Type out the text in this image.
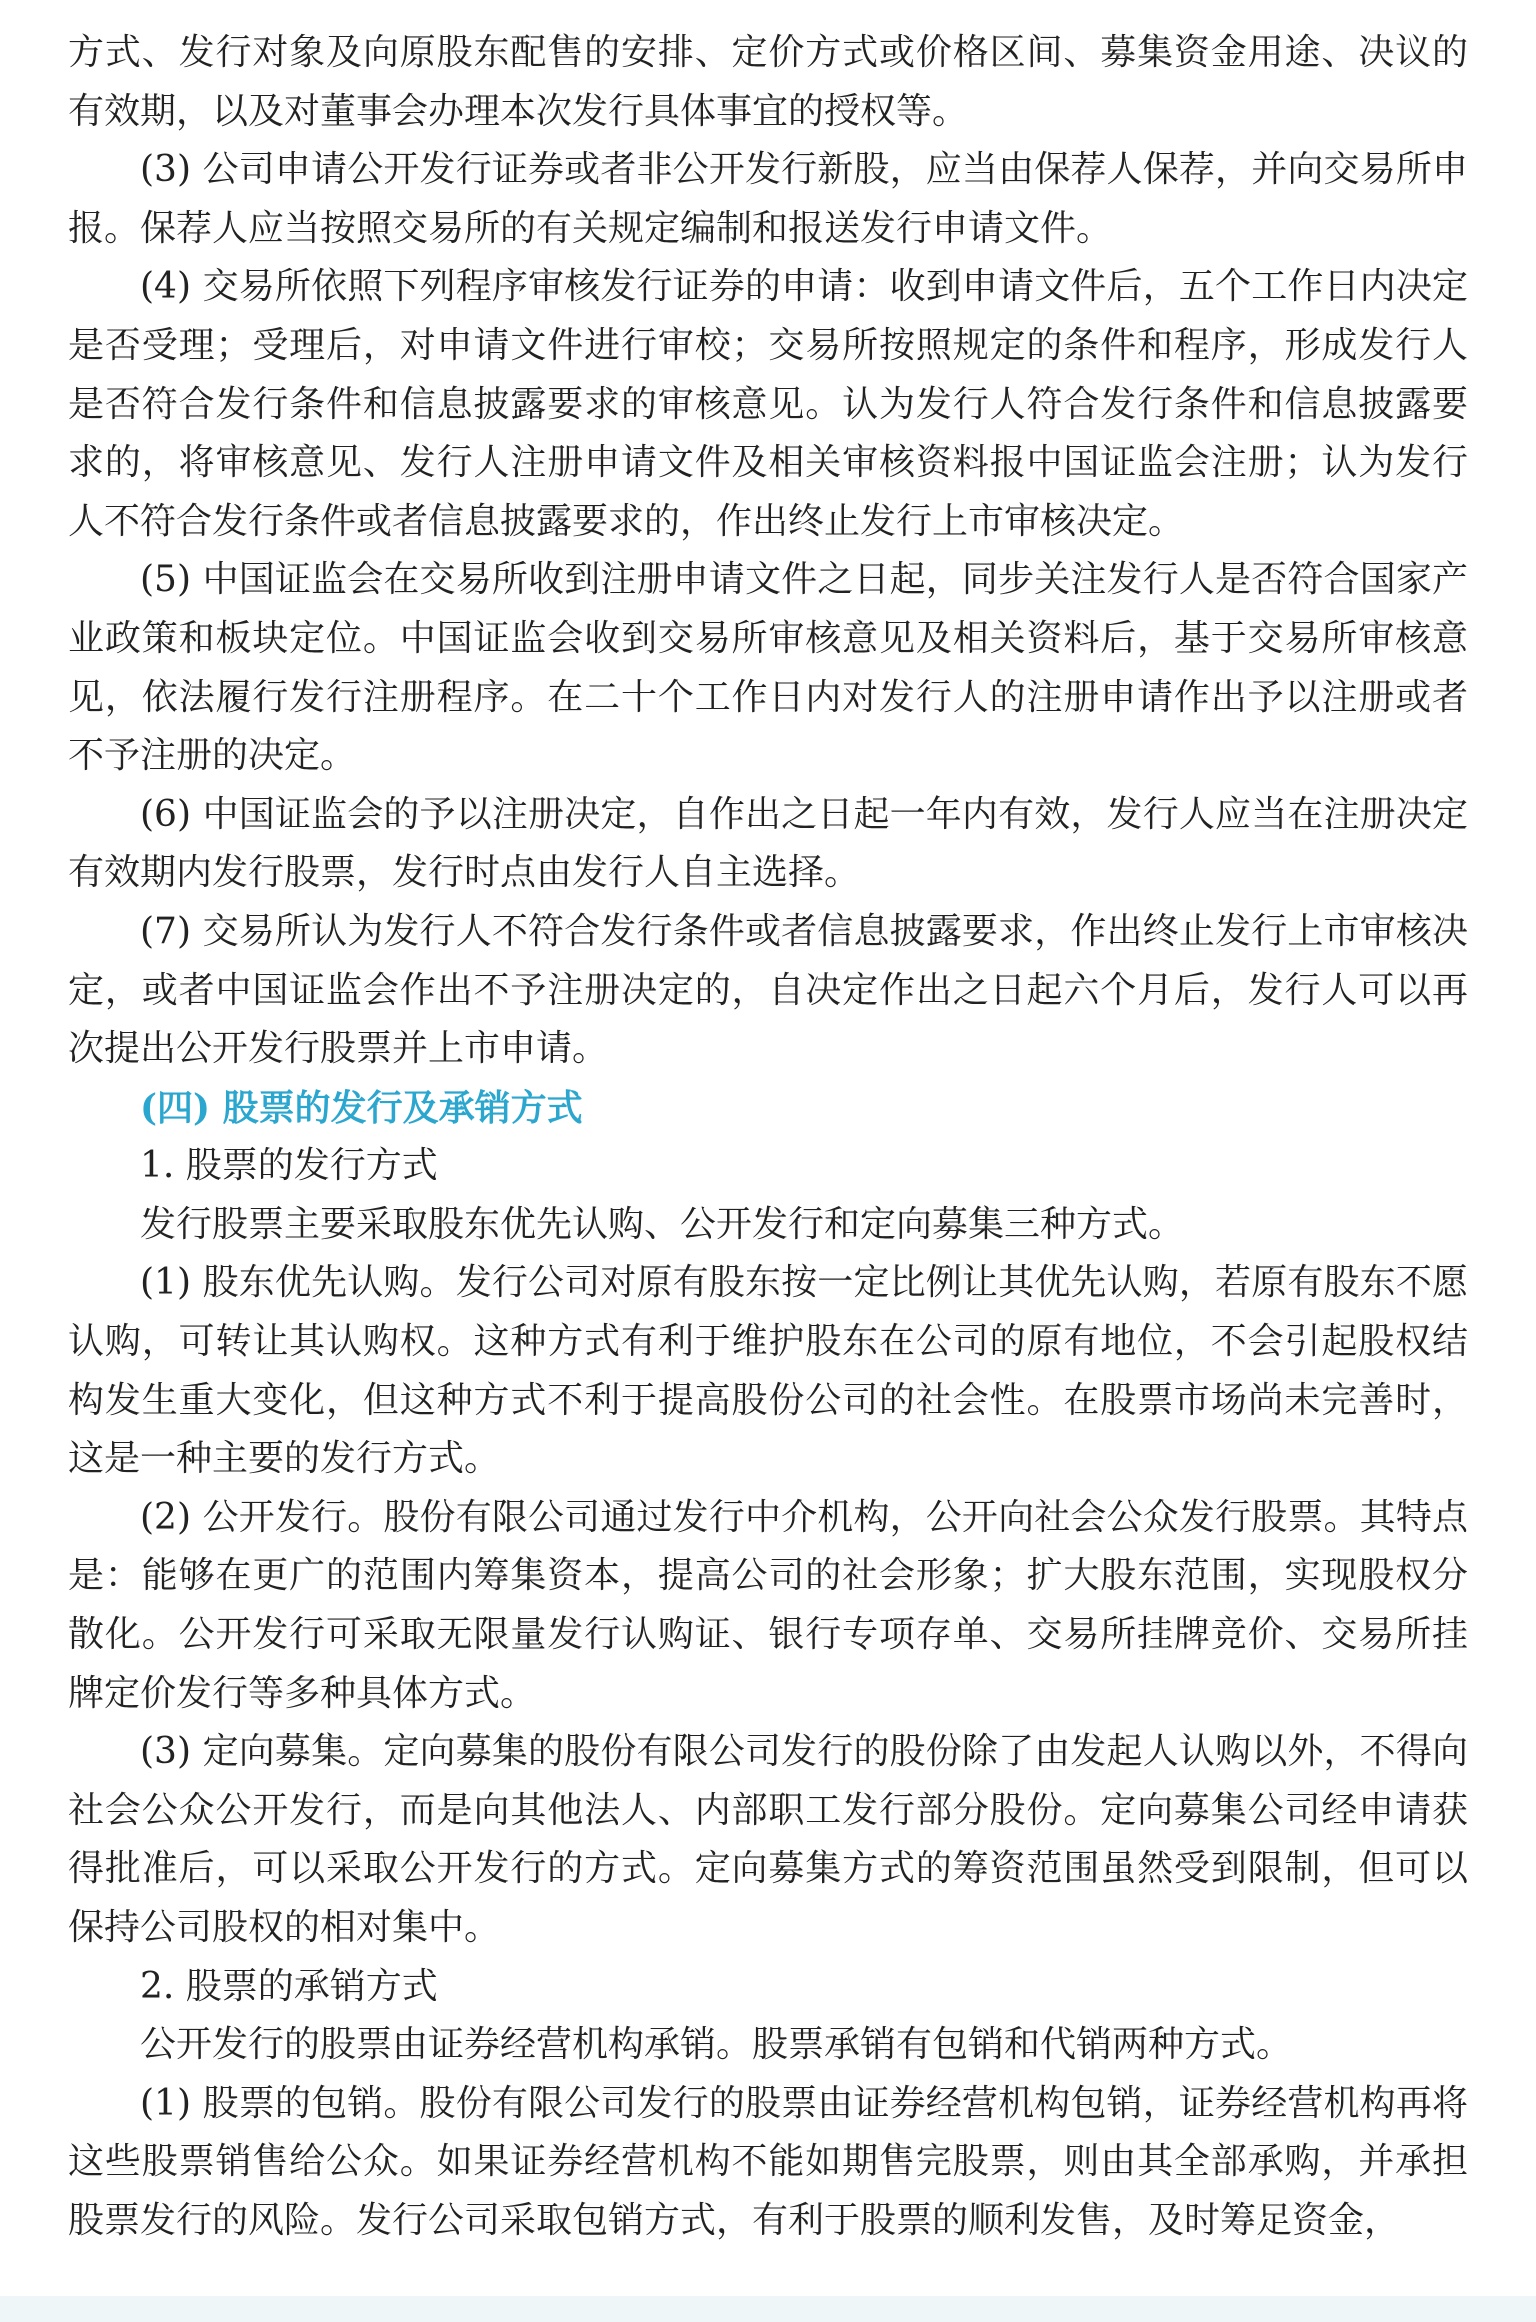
方式、发行对象及向原股东配售的安排、定价方式或价格区间、募集资金用途、决议的有效期，以及对董事会办理本次发行具体事宜的授权等。

(3) 公司申请公开发行证券或者非公开发行新股，应当由保荐人保荐，并向交易所申报。保荐人应当按照交易所的有关规定编制和报送发行申请文件。

(4) 交易所依照下列程序审核发行证券的申请：收到申请文件后，五个工作日内决定是否受理；受理后，对申请文件进行审校；交易所按照规定的条件和程序，形成发行人是否符合发行条件和信息披露要求的审核意见。认为发行人符合发行条件和信息披露要求的，将审核意见、发行人注册申请文件及相关审核资料报中国证监会注册；认为发行人不符合发行条件或者信息披露要求的，作出终止发行上市审核决定。

(5) 中国证监会在交易所收到注册申请文件之日起，同步关注发行人是否符合国家产业政策和板块定位。中国证监会收到交易所审核意见及相关资料后，基于交易所审核意见，依法履行发行注册程序。在二十个工作日内对发行人的注册申请作出予以注册或者不予注册的决定。

(6) 中国证监会的予以注册决定，自作出之日起一年内有效，发行人应当在注册决定有效期内发行股票，发行时点由发行人自主选择。

(7) 交易所认为发行人不符合发行条件或者信息披露要求，作出终止发行上市审核决定，或者中国证监会作出不予注册决定的，自决定作出之日起六个月后，发行人可以再次提出公开发行股票并上市申请。

(四) 股票的发行及承销方式

1. 股票的发行方式

发行股票主要采取股东优先认购、公开发行和定向募集三种方式。

(1) 股东优先认购。发行公司对原有股东按一定比例让其优先认购，若原有股东不愿认购，可转让其认购权。这种方式有利于维护股东在公司的原有地位，不会引起股权结构发生重大变化，但这种方式不利于提高股份公司的社会性。在股票市场尚未完善时，这是一种主要的发行方式。

(2) 公开发行。股份有限公司通过发行中介机构，公开向社会公众发行股票。其特点是：能够在更广的范围内筹集资本，提高公司的社会形象；扩大股东范围，实现股权分散化。公开发行可采取无限量发行认购证、银行专项存单、交易所挂牌竞价、交易所挂牌定价发行等多种具体方式。

(3) 定向募集。定向募集的股份有限公司发行的股份除了由发起人认购以外，不得向社会公众公开发行，而是向其他法人、内部职工发行部分股份。定向募集公司经申请获得批准后，可以采取公开发行的方式。定向募集方式的筹资范围虽然受到限制，但可以保持公司股权的相对集中。

2. 股票的承销方式

公开发行的股票由证券经营机构承销。股票承销有包销和代销两种方式。

(1) 股票的包销。股份有限公司发行的股票由证券经营机构包销，证券经营机构再将这些股票销售给公众。如果证券经营机构不能如期售完股票，则由其全部承购，并承担股票发行的风险。发行公司采取包销方式，有利于股票的顺利发售，及时筹足资金，
